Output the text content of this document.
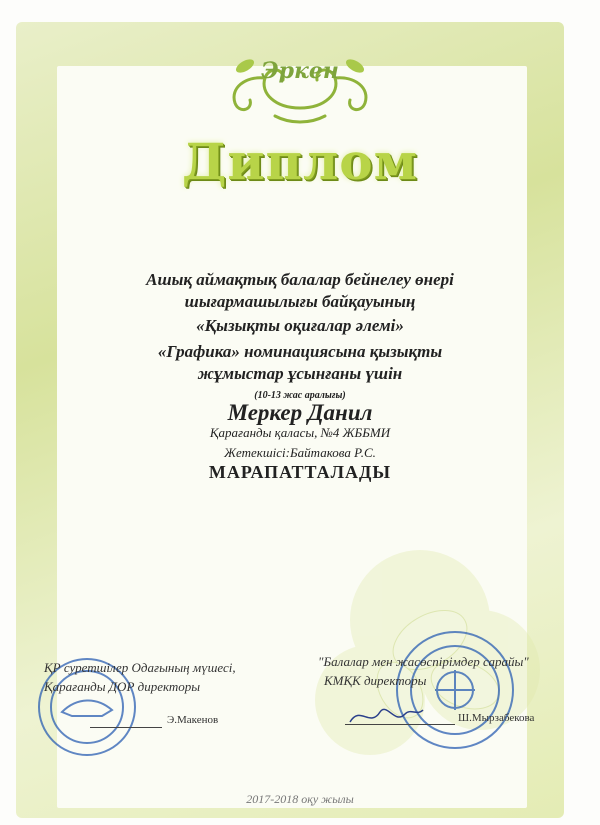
Эркен
Диплом
Ашық аймақтық балалар бейнелеу өнері
шығармашылығы байқауының
«Қызықты оқиғалар әлемі»
«Графика» номинациясына қызықты
жұмыстар ұсынғаны үшін
(10-13 жас аралығы)
Меркер Данил
Қарағанды қаласы, №4 ЖББМИ
Жетекшісі:Байтакова Р.С.
МАРАПАТТАЛАДЫ
ҚР суретшілер Одағының мүшесі,
Қарағанды ДОР директоры
Э.Макенов
"Балалар мен жасөспірімдер сарайы"
КМҚК директоры
Ш.Мырзабекова
2017-2018 оқу жылы
